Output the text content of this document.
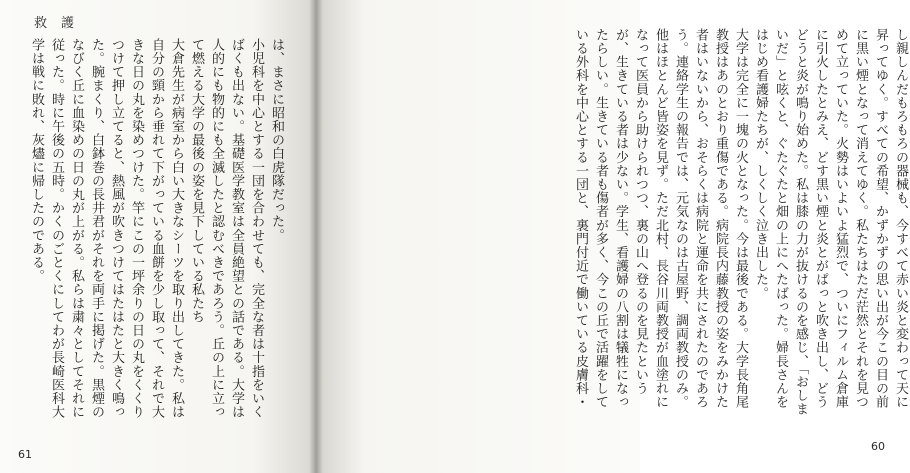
救護

は、まさに昭和の白虎隊だった。

小児科を中心とする一団を合わせても、完全な者は十指をいくばくも出ない。基礎医学教室は全員絶望との話である。大学は人的にも物的にも全滅したと認むべきであろう。丘の上に立って燃える大学の最後の姿を見下している私たち

大倉先生が病室から白い大きなシーツを取り出してきた。私は自分の頸から垂れて下がっている血餅を少し取って、それで大きな日の丸を染めつけた。竿にこの一坪余りの日の丸をくくりつけて押し立てると、熱風が吹きつけてはたはたと大きく鳴った。腕まくり、白鉢巻の長井君がそれを両手に掲げた。黒煙のなびく丘に血染めの日の丸が上がる。私らは粛々としてそれに従った。時に午後の五時。かくのごとくにしてわが長崎医科大学は戦に敗れ、灰燼に帰したのである。

61

し親しんだもろもろの器械も、今すべて赤い炎と変わって天に昇ってゆく。すべての希望、かずかずの思い出が今この目の前に黒い煙となって消えてゆく。私たちはただ茫然とそれを見つめて立っていた。火勢はいよいよ猛烈で、ついにフィルム倉庫に引火したとみえ、どす黒い煙と炎とがぱっと吹き出し、どうどうと炎が鳴り始めた。私は膝の力が抜けるのを感じ、「おしまいだ」と呟くと、ぐたぐたと畑の上にへたばった。婦長さんをはじめ看護婦たちが、しくしく泣き出した。

大学は完全に一塊の火となった。今は最後である。大学長角尾教授はあのとおり重傷である。病院長内藤教授の姿をみかけた者はいないから、おそらくは病院と運命を共にされたのであろう。連絡学生の報告では、元気なのは古屋野、調両教授のみ。他はほとんど皆姿を見ず。ただ北村、長谷川両教授が血塗れになって医員から助けられつつ、裏の山へ登るのを見たというが、生きている者は少ない。学生、看護婦の八割は犠牲になったらしい。生きている者も傷者が多く、今この丘で活躍をしている外科を中心とする一団と、裏門付近で働いている皮膚科・

60
